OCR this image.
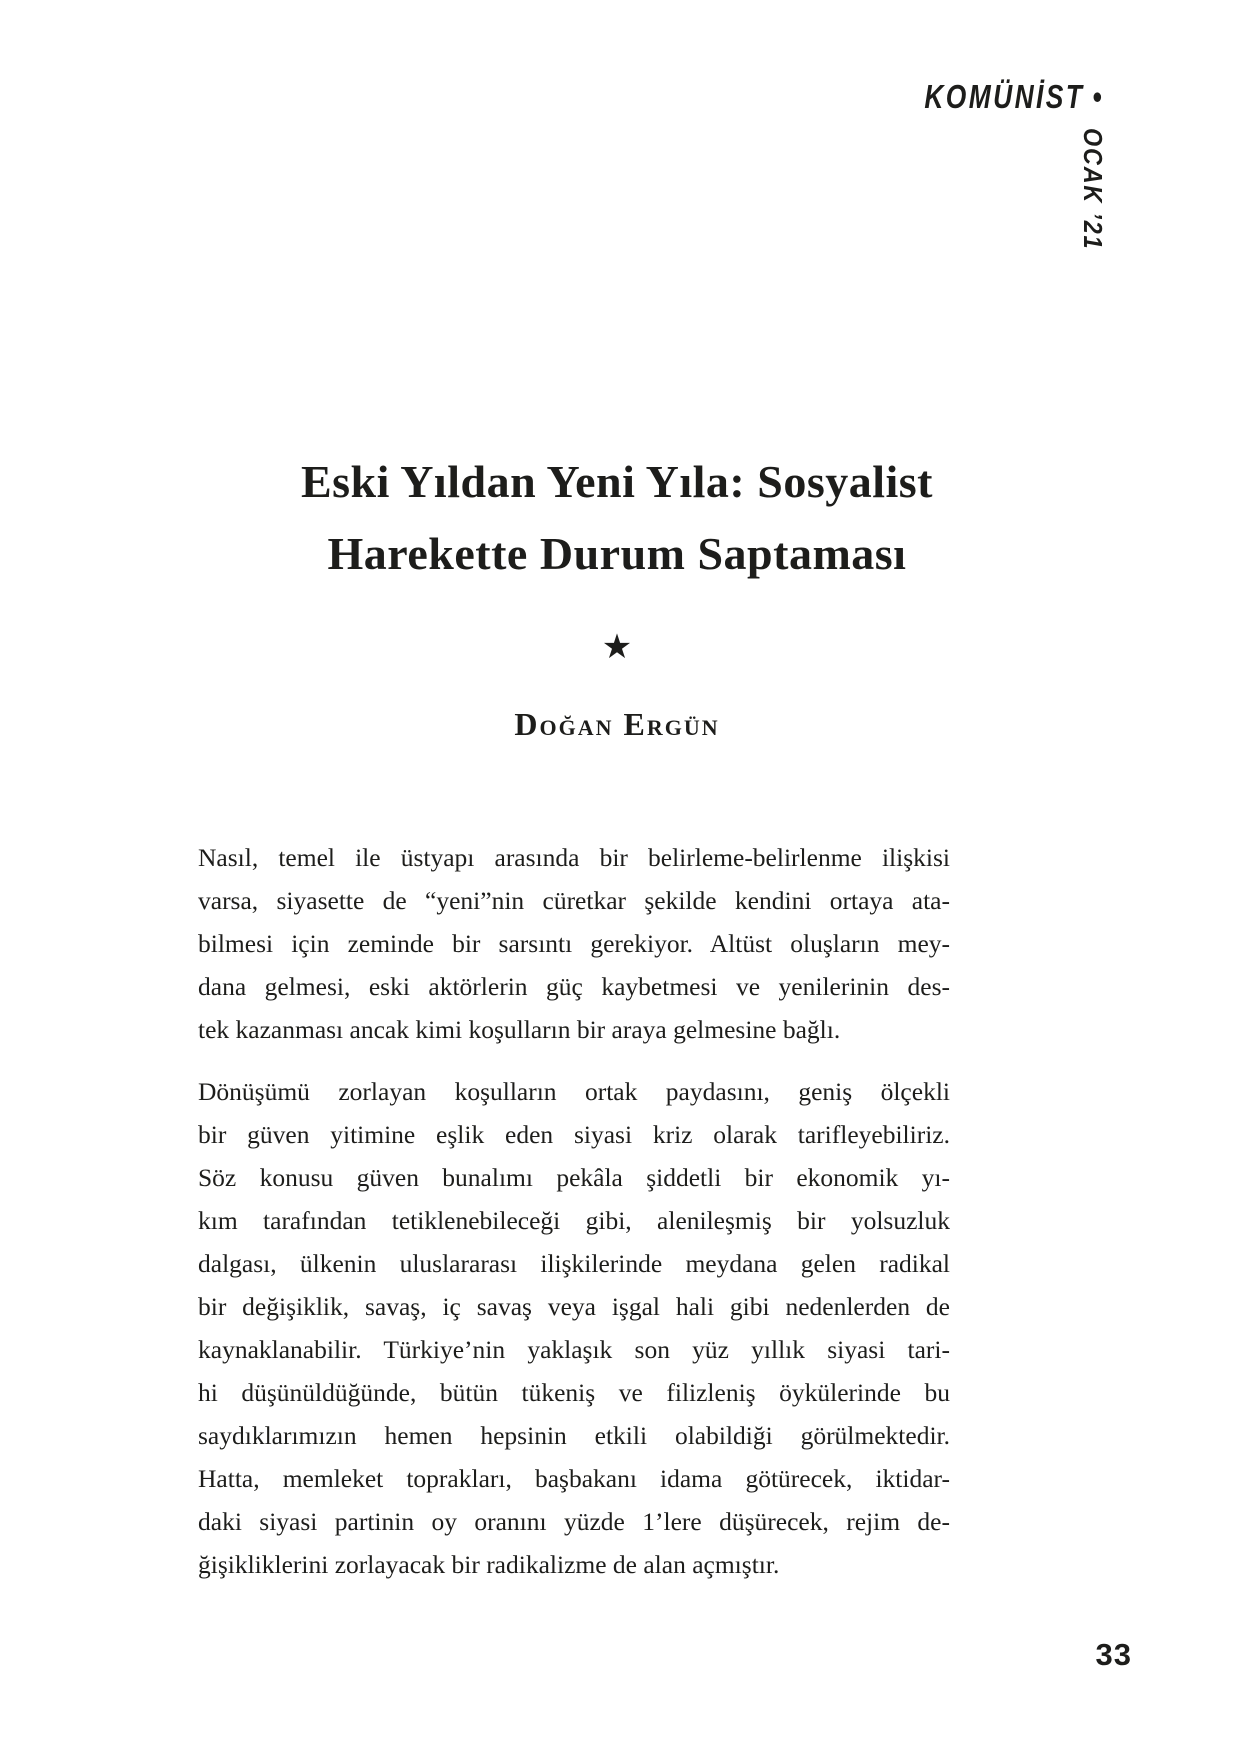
KOMÜNİST •
OCAK ’21
Eski Yıldan Yeni Yıla: Sosyalist
Harekette Durum Saptaması
★
Doğan Ergün
Nasıl, temel ile üstyapı arasında bir belirleme-belirlenme ilişkisi
varsa, siyasette de “yeni”nin cüretkar şekilde kendini ortaya ata-
bilmesi için zeminde bir sarsıntı gerekiyor. Altüst oluşların mey-
dana gelmesi, eski aktörlerin güç kaybetmesi ve yenilerinin des-
tek kazanması ancak kimi koşulların bir araya gelmesine bağlı.
Dönüşümü zorlayan koşulların ortak paydasını, geniş ölçekli
bir güven yitimine eşlik eden siyasi kriz olarak tarifleyebiliriz.
Söz konusu güven bunalımı pekâla şiddetli bir ekonomik yı-
kım tarafından tetiklenebileceği gibi, alenileşmiş bir yolsuzluk
dalgası, ülkenin uluslararası ilişkilerinde meydana gelen radikal
bir değişiklik, savaş, iç savaş veya işgal hali gibi nedenlerden de
kaynaklanabilir. Türkiye’nin yaklaşık son yüz yıllık siyasi tari-
hi düşünüldüğünde, bütün tükeniş ve filizleniş öykülerinde bu
saydıklarımızın hemen hepsinin etkili olabildiği görülmektedir.
Hatta, memleket toprakları, başbakanı idama götürecek, iktidar-
daki siyasi partinin oy oranını yüzde 1’lere düşürecek, rejim de-
ğişikliklerini zorlayacak bir radikalizme de alan açmıştır.
33
